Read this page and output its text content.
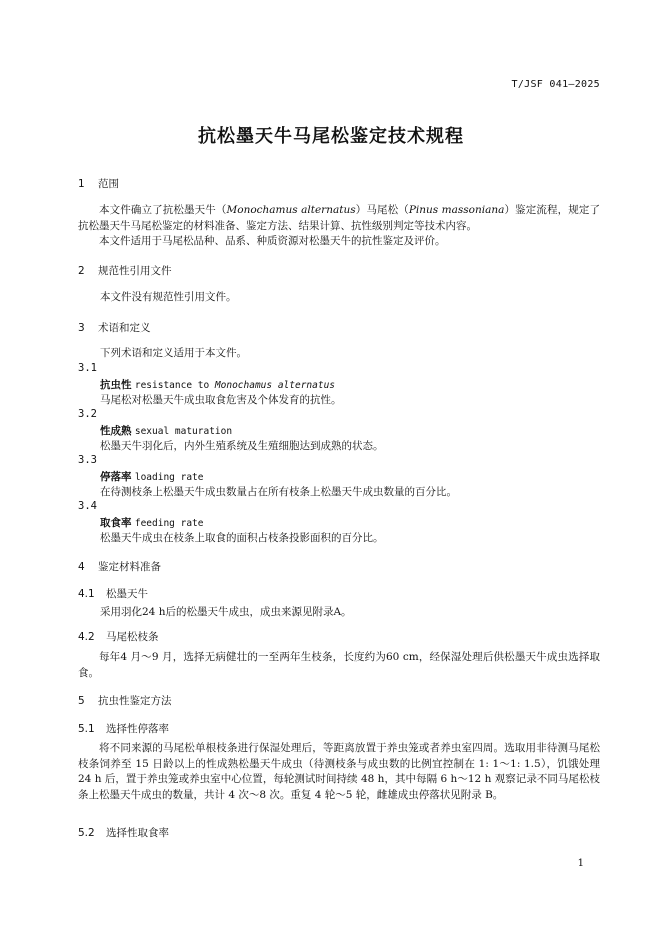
T/JSF 041—2025
抗松墨天牛马尾松鉴定技术规程
1 范围

本文件确立了抗松墨天牛（Monochamus alternatus）马尾松（Pinus massoniana）鉴定流程，规定了抗松墨天牛马尾松鉴定的材料准备、鉴定方法、结果计算、抗性级别判定等技术内容。

本文件适用于马尾松品种、品系、种质资源对松墨天牛的抗性鉴定及评价。

2 规范性引用文件
本文件没有规范性引用文件。
3 术语和定义
下列术语和定义适用于本文件。
3.1
抗虫性 resistance to Monochamus alternatus
马尾松对松墨天牛成虫取食危害及个体发育的抗性。
3.2
性成熟 sexual maturation
松墨天牛羽化后，内外生殖系统及生殖细胞达到成熟的状态。
3.3
停落率 loading rate
在待测枝条上松墨天牛成虫数量占在所有枝条上松墨天牛成虫数量的百分比。
3.4
取食率 feeding rate
松墨天牛成虫在枝条上取食的面积占枝条投影面积的百分比。
4 鉴定材料准备
4.1 松墨天牛
采用羽化24 h后的松墨天牛成虫，成虫来源见附录A。
4.2 马尾松枝条

每年4 月～9 月，选择无病健壮的一至两年生枝条，长度约为60 cm，经保湿处理后供松墨天牛成虫选择取食。

5 抗虫性鉴定方法
5.1 选择性停落率

将不同来源的马尾松单根枝条进行保湿处理后，等距离放置于养虫笼或者养虫室四周。选取用非待测马尾松枝条饲养至 15 日龄以上的性成熟松墨天牛成虫（待测枝条与成虫数的比例宜控制在 1: 1～1: 1.5），饥饿处理 24 h 后，置于养虫笼或养虫室中心位置，每轮测试时间持续 48 h，其中每隔 6 h～12 h 观察记录不同马尾松枝条上松墨天牛成虫的数量，共计 4 次～8 次。重复 4 轮～5 轮，雌雄成虫停落状见附录 B。

5.2 选择性取食率
1
